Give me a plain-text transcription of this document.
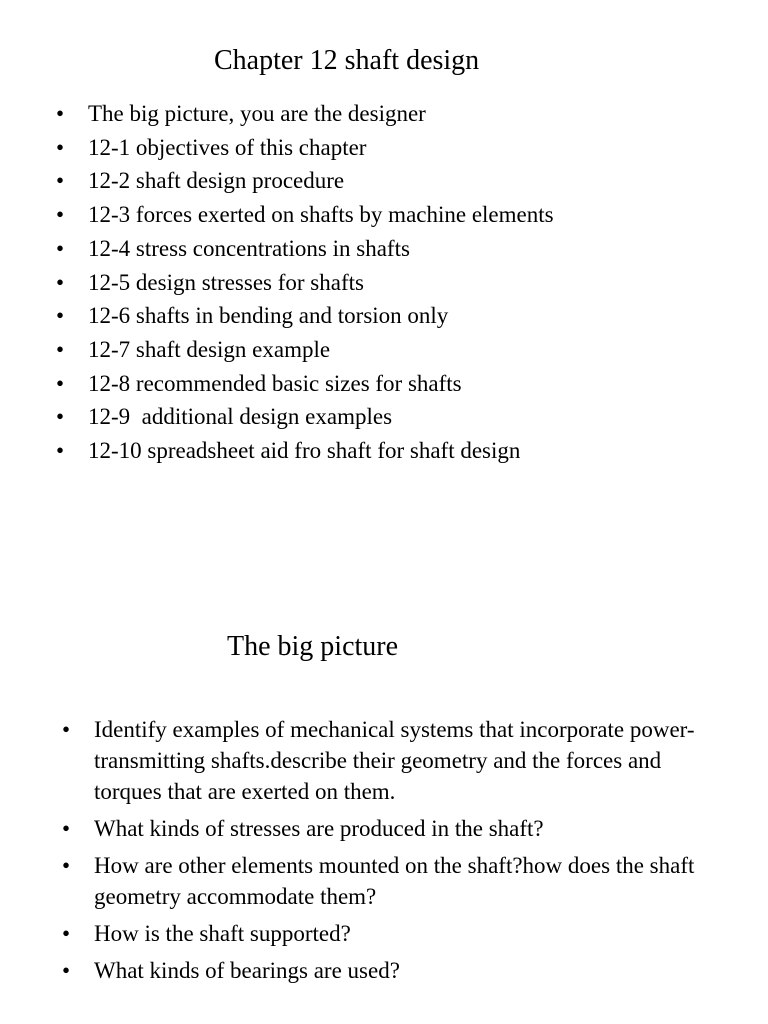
Chapter 12 shaft design
•	The big picture, you are the designer
•	12-1 objectives of this chapter
•	12-2 shaft design procedure
•	12-3 forces exerted on shafts by machine elements
•	12-4 stress concentrations in shafts
•	12-5 design stresses for shafts
•	12-6 shafts in bending and torsion only
•	12-7 shaft design example
•	12-8 recommended basic sizes for shafts
•	12-9  additional design examples
•	12-10 spreadsheet aid fro shaft for shaft design
The big picture
•	Identify examples of mechanical systems that incorporate power-transmitting shafts.describe their geometry and the forces and torques that are exerted on them.
•	What kinds of stresses are produced in the shaft?
•	How are other elements mounted on the shaft?how does the shaft geometry accommodate them?
•	How is the shaft supported?
•	What kinds of bearings are used?
